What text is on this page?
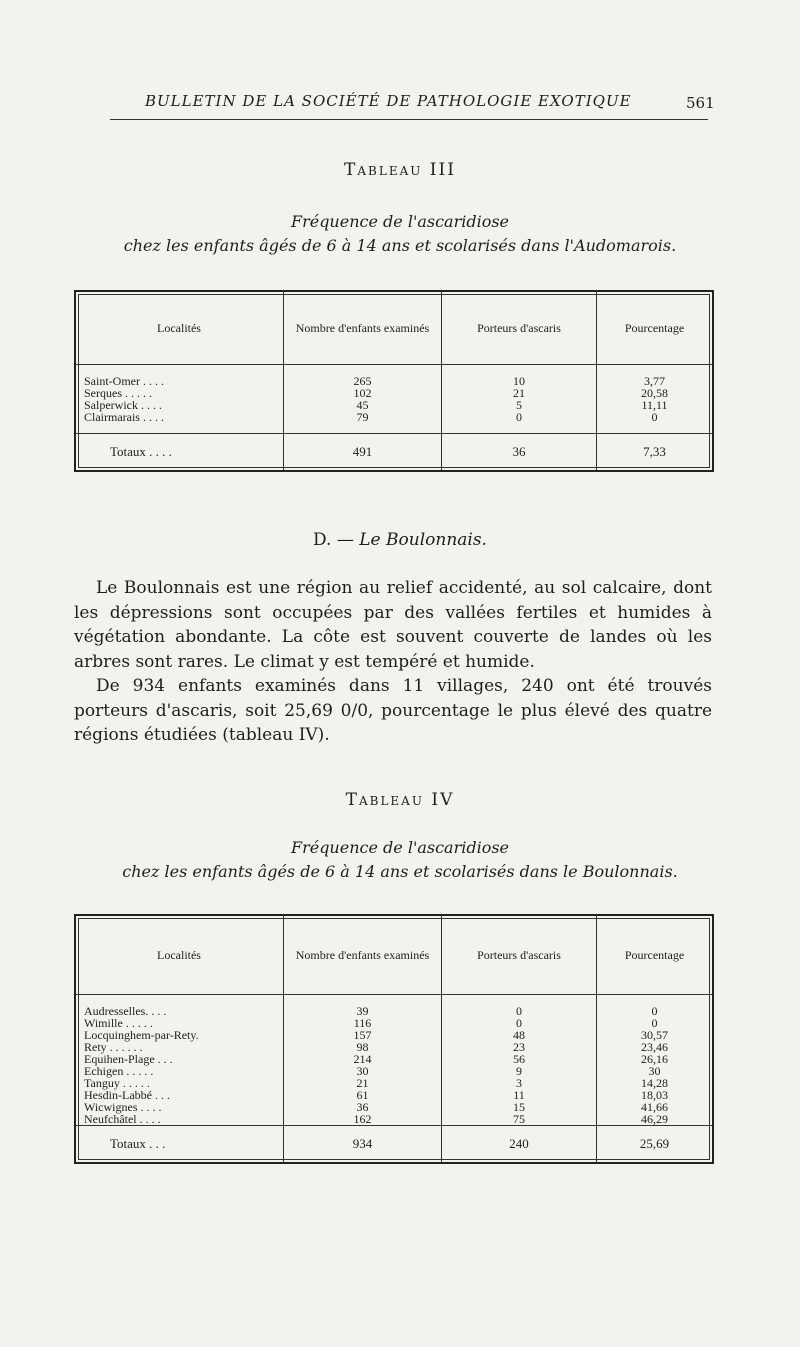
BULLETIN DE LA SOCIÉTÉ DE PATHOLOGIE EXOTIQUE	561
Tableau III
Fréquence de l'ascaridiose
chez les enfants âgés de 6 à 14 ans et scolarisés dans l'Audomarois.
Localités	Nombre d'enfants examinés	Porteurs d'ascaris	Pourcentage

Saint-Omer . . . .	265	10	3,77
Serques . . . . .	102	21	20,58
Salperwick . . . .	45	5	11,11
Clairmarais . . . .	79	0	0

Totaux . . . .	491	36	7,33
D. — Le Boulonnais.

Le Boulonnais est une région au relief accidenté, au sol calcaire, dont les dépressions sont occupées par des vallées fertiles et humides à végétation abondante. La côte est souvent couverte de landes où les arbres sont rares. Le climat y est tempéré et humide.

De 934 enfants examinés dans 11 villages, 240 ont été trouvés porteurs d'ascaris, soit 25,69 0/0, pourcentage le plus élevé des quatre régions étudiées (tableau IV).

Tableau IV
Fréquence de l'ascaridiose
chez les enfants âgés de 6 à 14 ans et scolarisés dans le Boulonnais.
Localités	Nombre d'enfants examinés	Porteurs d'ascaris	Pourcentage

Audresselles. . . .	39	0	0
Wimille . . . . .	116	0	0
Locquinghem-par-Rety.	157	48	30,57
Rety . . . . . .	98	23	23,46
Equihen-Plage . . .	214	56	26,16
Echigen . . . . .	30	9	30
Tanguy . . . . .	21	3	14,28
Hesdin-Labbé . . .	61	11	18,03
Wicwignes . . . .	36	15	41,66
Neufchâtel . . . .	162	75	46,29
Totaux . . .	934	240	25,69
